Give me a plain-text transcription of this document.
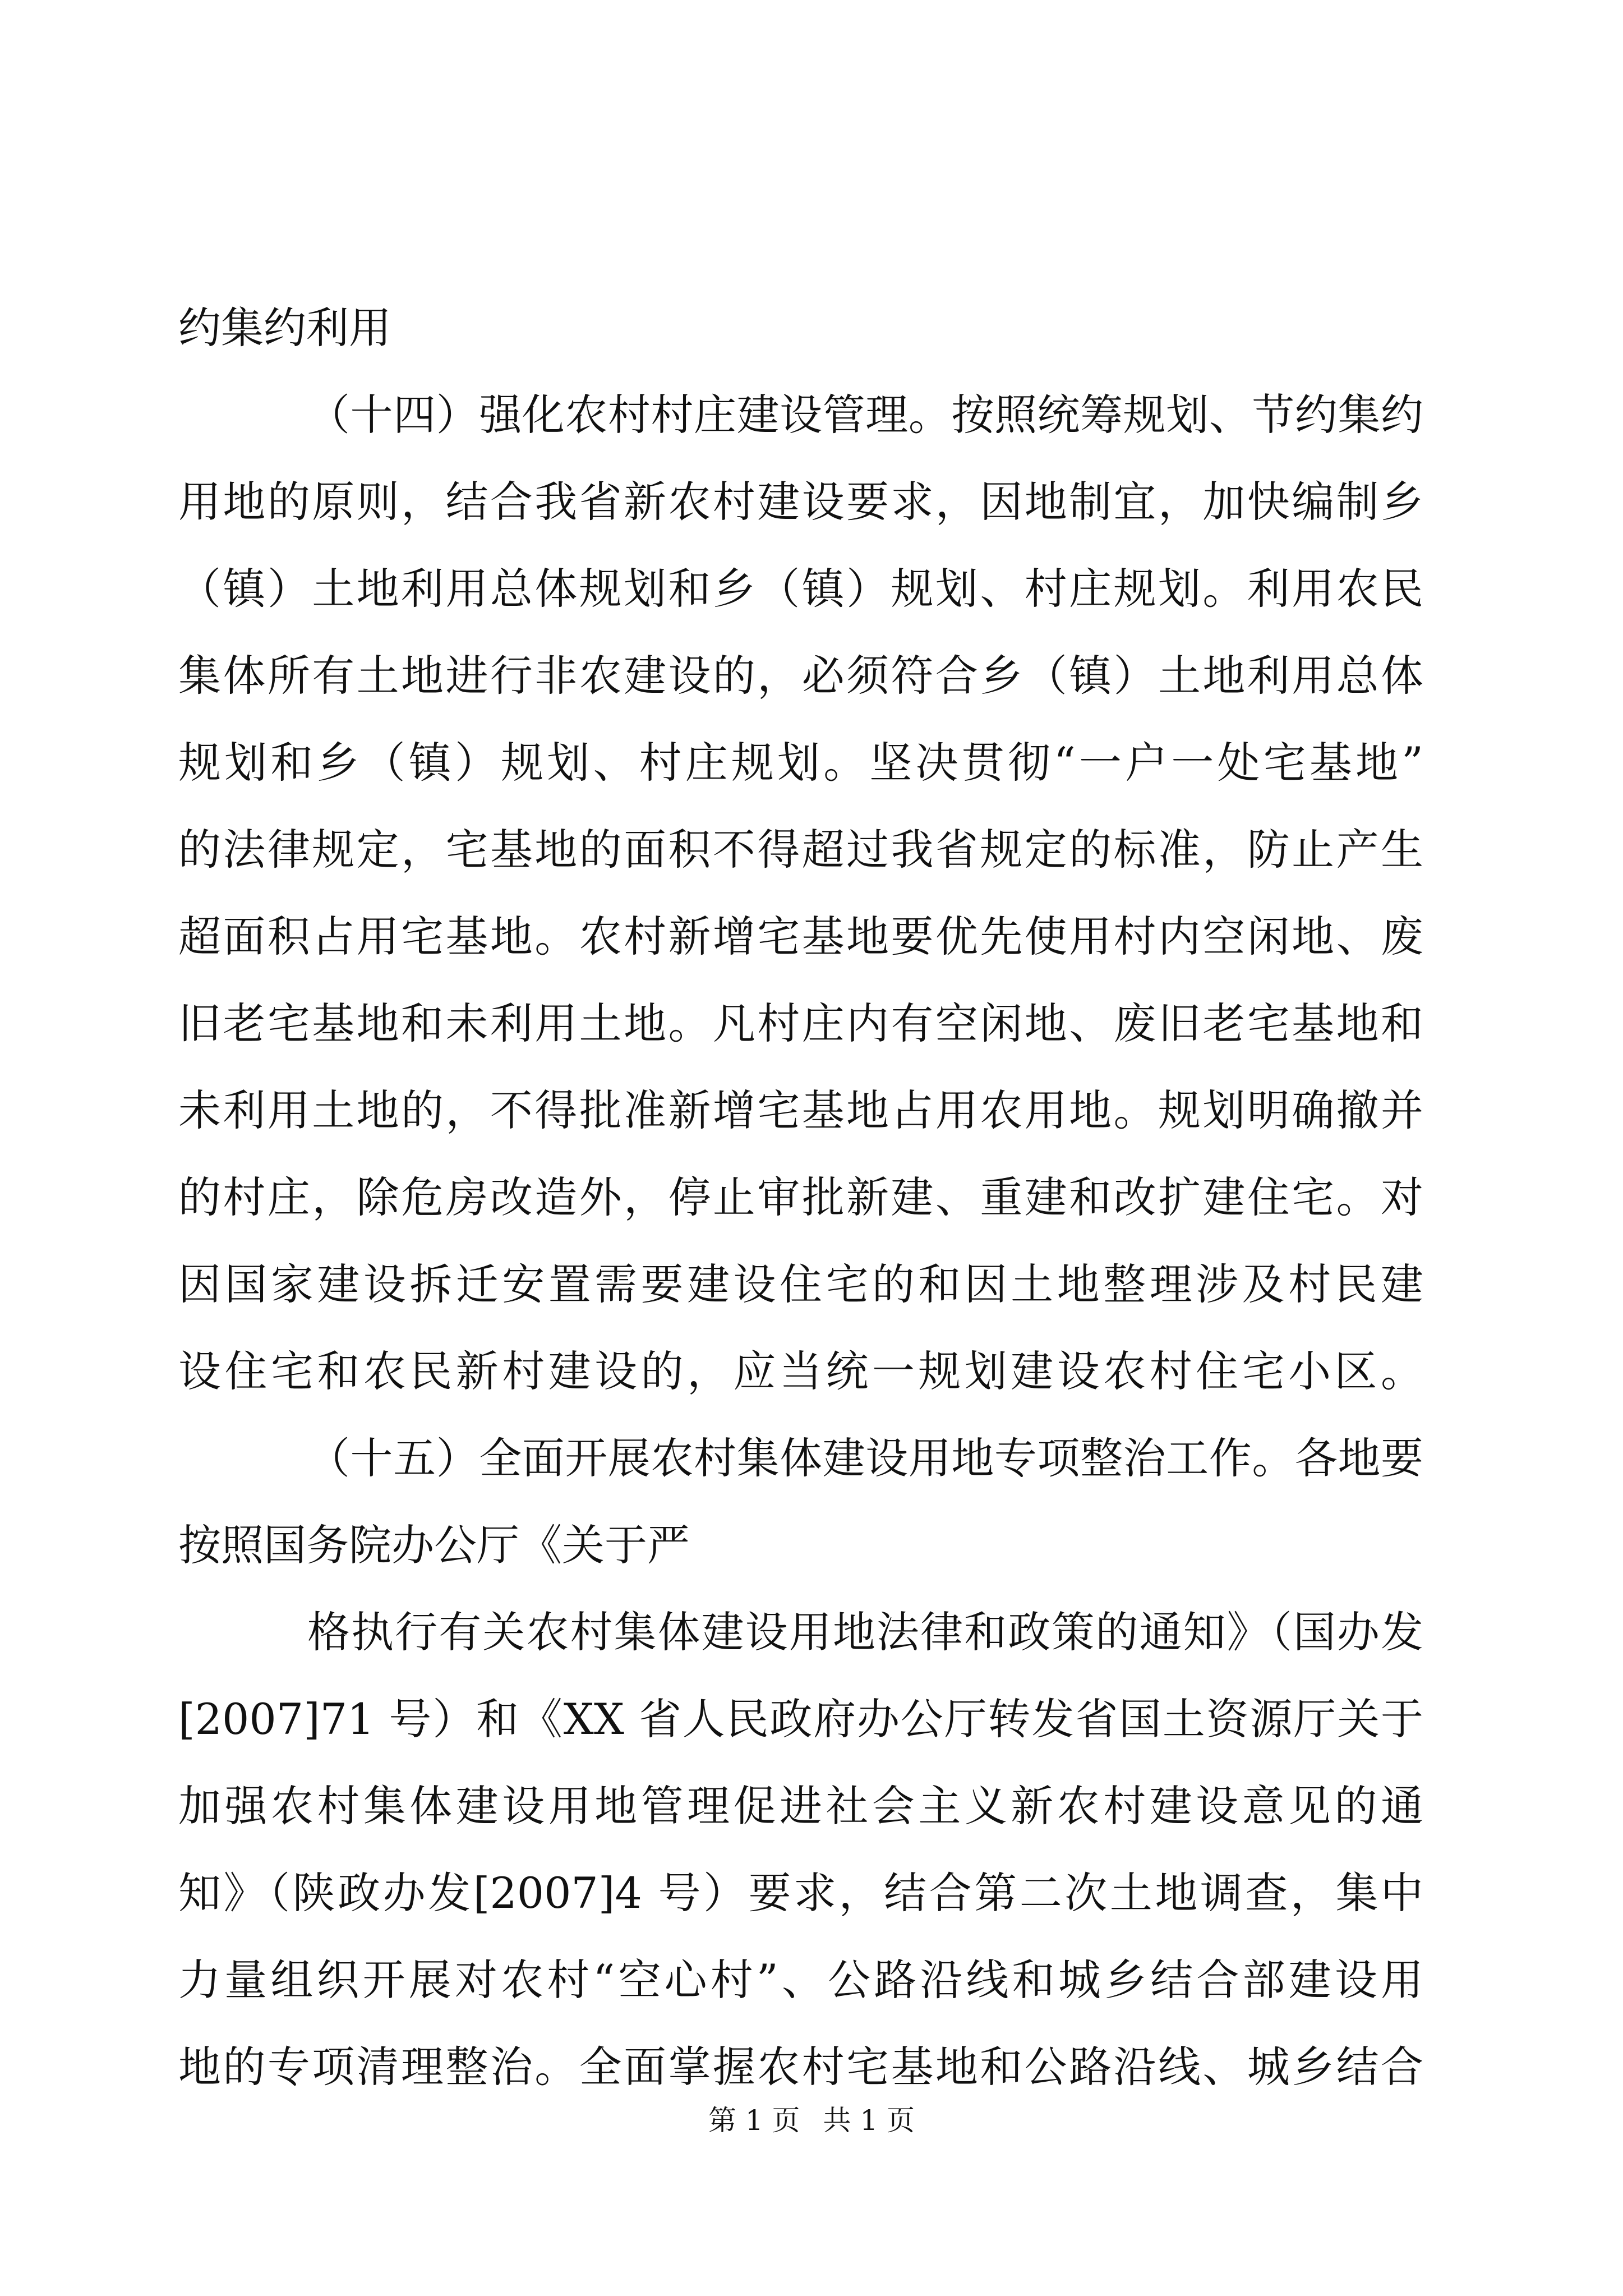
约集约利用

（十四）强化农村村庄建设管理。按照统筹规划、节约集约

用地的原则，结合我省新农村建设要求，因地制宜，加快编制乡

（镇）土地利用总体规划和乡（镇）规划、村庄规划。利用农民

集体所有土地进行非农建设的，必须符合乡（镇）土地利用总体

规划和乡（镇）规划、村庄规划。坚决贯彻“一户一处宅基地”

的法律规定，宅基地的面积不得超过我省规定的标准，防止产生

超面积占用宅基地。农村新增宅基地要优先使用村内空闲地、废

旧老宅基地和未利用土地。凡村庄内有空闲地、废旧老宅基地和

未利用土地的，不得批准新增宅基地占用农用地。规划明确撤并

的村庄，除危房改造外，停止审批新建、重建和改扩建住宅。对

因国家建设拆迁安置需要建设住宅的和因土地整理涉及村民建

设住宅和农民新村建设的，应当统一规划建设农村住宅小区。

（十五）全面开展农村集体建设用地专项整治工作。各地要

按照国务院办公厅《关于严

格执行有关农村集体建设用地法律和政策的通知》（国办发

[2007]71 号）和《XX 省人民政府办公厅转发省国土资源厅关于

加强农村集体建设用地管理促进社会主义新农村建设意见的通

知》（陕政办发[2007]4 号）要求，结合第二次土地调查，集中

力量组织开展对农村“空心村”、公路沿线和城乡结合部建设用

地的专项清理整治。全面掌握农村宅基地和公路沿线、城乡结合

第 1 页 共 1 页
